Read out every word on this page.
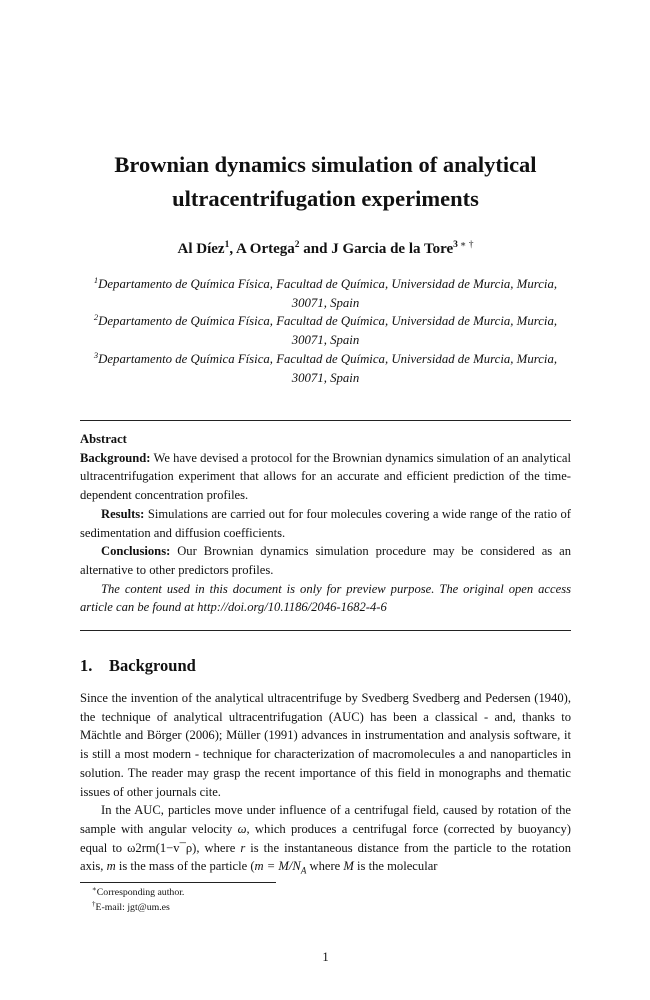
Brownian dynamics simulation of analytical ultracentrifugation experiments
Al Díez$^1$, A Ortega$^2$ and J Garcia de la Tore$^3$ ∗ †
$^1$Departamento de Química Física, Facultad de Química, Universidad de Murcia, Murcia, 30071, Spain
$^2$Departamento de Química Física, Facultad de Química, Universidad de Murcia, Murcia, 30071, Spain
$^3$Departamento de Química Física, Facultad de Química, Universidad de Murcia, Murcia, 30071, Spain

Abstract

Background: We have devised a protocol for the Brownian dynamics simulation of an analytical ultracentrifugation experiment that allows for an accurate and efficient prediction of the time-dependent concentration profiles.

Results: Simulations are carried out for four molecules covering a wide range of the ratio of sedimentation and diffusion coefficients.

Conclusions: Our Brownian dynamics simulation procedure may be considered as an alternative to other predictors profiles.

The content used in this document is only for preview purpose. The original open access article can be found at http://doi.org/10.1186/2046-1682-4-6

1. Background

Since the invention of the analytical ultracentrifuge by Svedberg Svedberg and Pedersen (1940), the technique of analytical ultracentrifugation (AUC) has been a classical - and, thanks to Mächtle and Börger (2006); Müller (1991) advances in instrumentation and analysis software, it is still a most modern - technique for characterization of macromolecules a and nanoparticles in solution. The reader may grasp the recent importance of this field in monographs and thematic issues of other journals cite.

In the AUC, particles move under influence of a centrifugal field, caused by rotation of the sample with angular velocity ω, which produces a centrifugal force (corrected by buoyancy) equal to ω2rm(1−v¯ρ), where r is the instantaneous distance from the particle to the rotation axis, m is the mass of the particle ($m = M/N_A$ where M is the molecular

∗Corresponding author.
†E-mail: jgt@um.es
1
